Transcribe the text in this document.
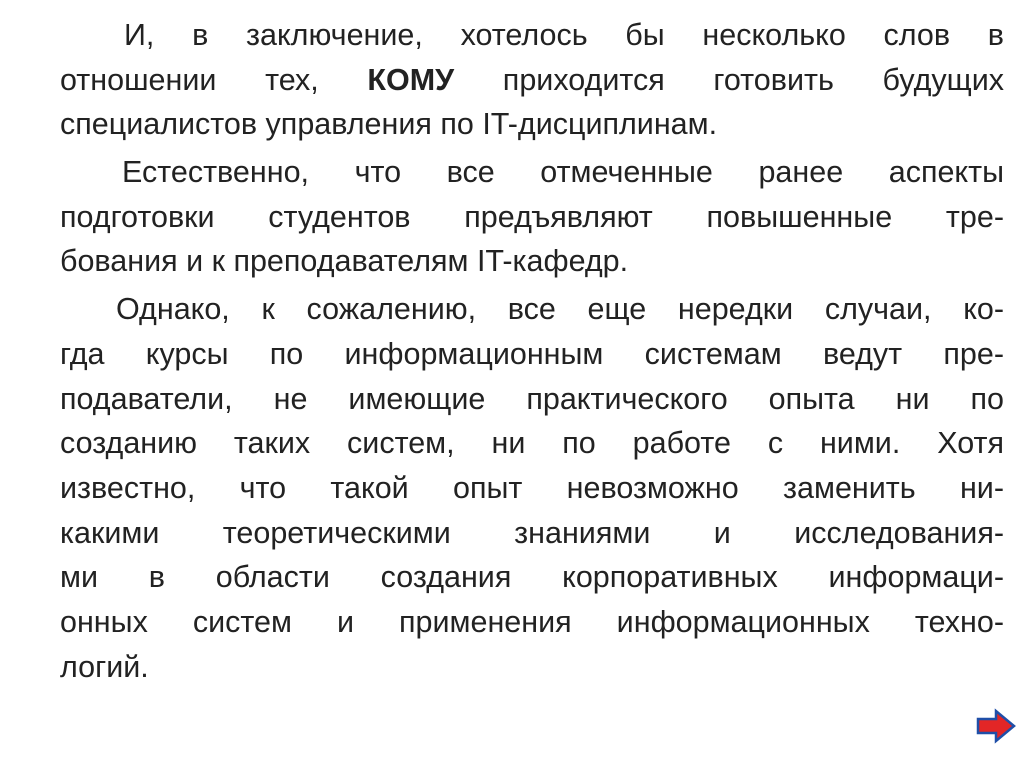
И, в заключение, хотелось бы несколько слов в
отношении тех, КОМУ приходится готовить будущих
специалистов управления по IT-дисциплинам.
Естественно, что все отмеченные ранее аспекты
подготовки студентов предъявляют повышенные тре-
бования и к преподавателям IT-кафедр.
Однако, к сожалению, все еще нередки случаи, ко-
гда курсы по информационным системам ведут пре-
подаватели, не имеющие практического опыта ни по
созданию таких систем, ни по работе с ними. Хотя
известно, что такой опыт невозможно заменить ни-
какими теоретическими знаниями и исследования-
ми в области создания корпоративных информаци-
онных систем и применения информационных техно-
логий.
